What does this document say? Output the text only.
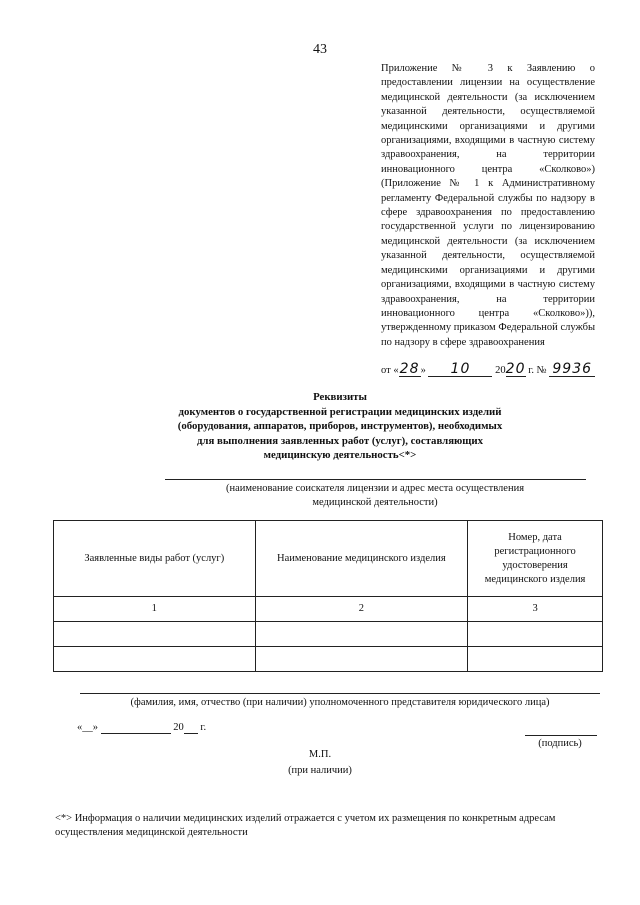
43
Приложение № 3 к Заявлению о предоставлении лицензии на осуществление медицинской деятельности (за исключением указанной деятельности, осуществляемой медицинскими организациями и другими организациями, входящими в частную систему здравоохранения, на территории инновационного центра «Сколково») (Приложение № 1 к Административному регламенту Федеральной службы по надзору в сфере здравоохранения по предоставлению государственной услуги по лицензированию медицинской деятельности (за исключением указанной деятельности, осуществляемой медицинскими организациями и другими организациями, входящими в частную систему здравоохранения, на территории инновационного центра «Сколково»)), утвержденному приказом Федеральной службы по надзору в сфере здравоохранения
от «28» 10 2020 г. № 9936
Реквизиты
документов о государственной регистрации медицинских изделий
(оборудования, аппаратов, приборов, инструментов), необходимых
для выполнения заявленных работ (услуг), составляющих
медицинскую деятельность<*>
(наименование соискателя лицензии и адрес места осуществления
медицинской деятельности)
Заявленные виды работ (услуг)	Наименование медицинского изделия	Номер, дата регистрационного удостоверения медицинского изделия
1	2	3

(фамилия, имя, отчество (при наличии) уполномоченного представителя юридического лица)
«__»	20 г.
(подпись)
М.П.
(при наличии)
<*> Информация о наличии медицинских изделий отражается с учетом их размещения по конкретным адресам осуществления медицинской деятельности
